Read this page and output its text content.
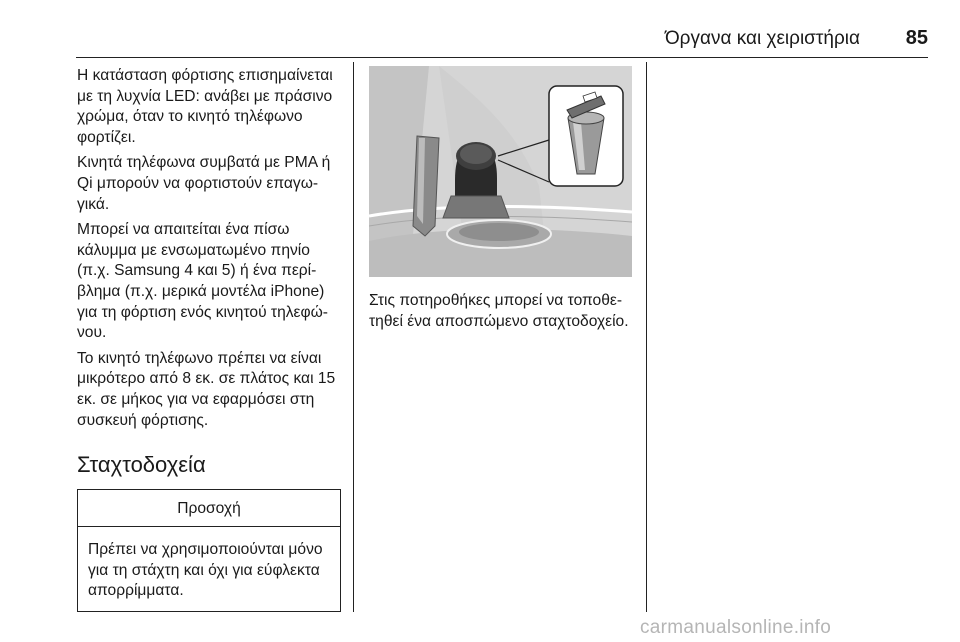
Όργανα και χειριστήρια	85

Η κατάσταση φόρτισης επισημαίνεται με τη λυχνία LED: ανάβει με πράσινο χρώμα, όταν το κινητό τηλέφωνο φορτίζει.

Κινητά τηλέφωνα συμβατά με PMA ή Qi μπορούν να φορτιστούν επαγω- γικά.

Μπορεί να απαιτείται ένα πίσω κάλυμμα με ενσωματωμένο πηνίο (π.χ. Samsung 4 και 5) ή ένα περί- βλημα (π.χ. μερικά μοντέλα iPhone) για τη φόρτιση ενός κινητού τηλεφώ- νου.

Το κινητό τηλέφωνο πρέπει να είναι μικρότερο από 8 εκ. σε πλάτος και 15 εκ. σε μήκος για να εφαρμόσει στη συσκευή φόρτισης.

Σταχτοδοχεία
Προσοχή
Πρέπει να χρησιμοποιούνται μόνο για τη στάχτη και όχι για εύφλεκτα απορρίμματα.

Στις ποτηροθήκες μπορεί να τοποθε- τηθεί ένα αποσπώμενο σταχτοδοχείο.

carmanualsonline.info
